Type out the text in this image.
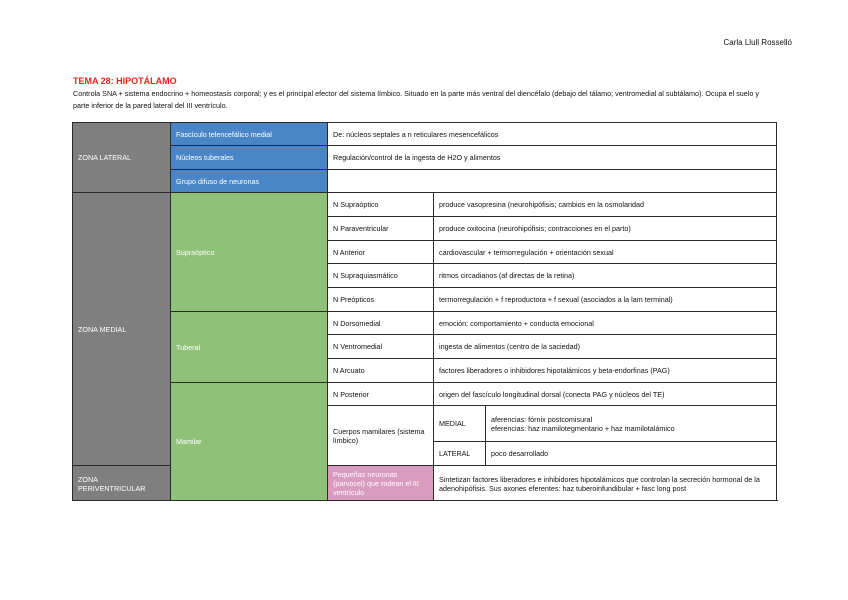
Carla Llull Rosselló
TEMA 28: HIPOTÁLAMO
Controla SNA + sistema endocrino + homeostasis corporal; y es el principal efector del sistema límbico. Situado en la parte más ventral del diencéfalo (debajo del tálamo; ventromedial al subtálamo). Ocupa el suelo y parte inferior de la pared lateral del III ventrículo.
ZONA LATERAL	Fascículo telencefálico medial	De: núcleos septales a n reticulares mesencefálicos		
	Núcleos tuberales	Regulación/control de la ingesta de H2O y alimentos		
	Grupo difuso de neuronas			
ZONA MEDIAL	Supraóptico	N Supraóptico	produce vasopresina (neurohipófisis; cambios en la osmolaridad	
		N Paraventricular	produce oxitocina (neurohipófisis; contracciones en el parto)	
		N Anterior	cardiovascular + termorregulación + orientación sexual	
		N Supraquiasmático	ritmos circadianos (af directas de la retina)	
		N Preópticos	termorregulación + f reproductora + f sexual (asociados a la lam terminal)	
	Tuberal	N Dorsomedial	emoción: comportamiento + conducta emocional	
		N Ventromedial	ingesta de alimentos (centro de la saciedad)	
		N Arcuato	factores liberadores o inhibidores hipotalámicos y beta-endorfinas (PAG)	
	Mamilar	N Posterior	origen del fascículo longitudinal dorsal (conecta PAG y núcleos del TE)	
		Cuerpos mamilares (sistema límbico)	MEDIAL	aferencias: fórnix postcomisural
eferencias: haz mamilotegmentario + haz mamilotalámico

			LATERAL	poco desarrollado
ZONA PERIVENTRICULAR		Pequeñas neuronas (parvocel) que rodean el III ventrículo	Sintetizan factores liberadores e inhibidores hipotalámicos que controlan la secreción hormonal de la adenohipófisis. Sus axones eferentes: haz tuberoinfundibular + fasc long post	
